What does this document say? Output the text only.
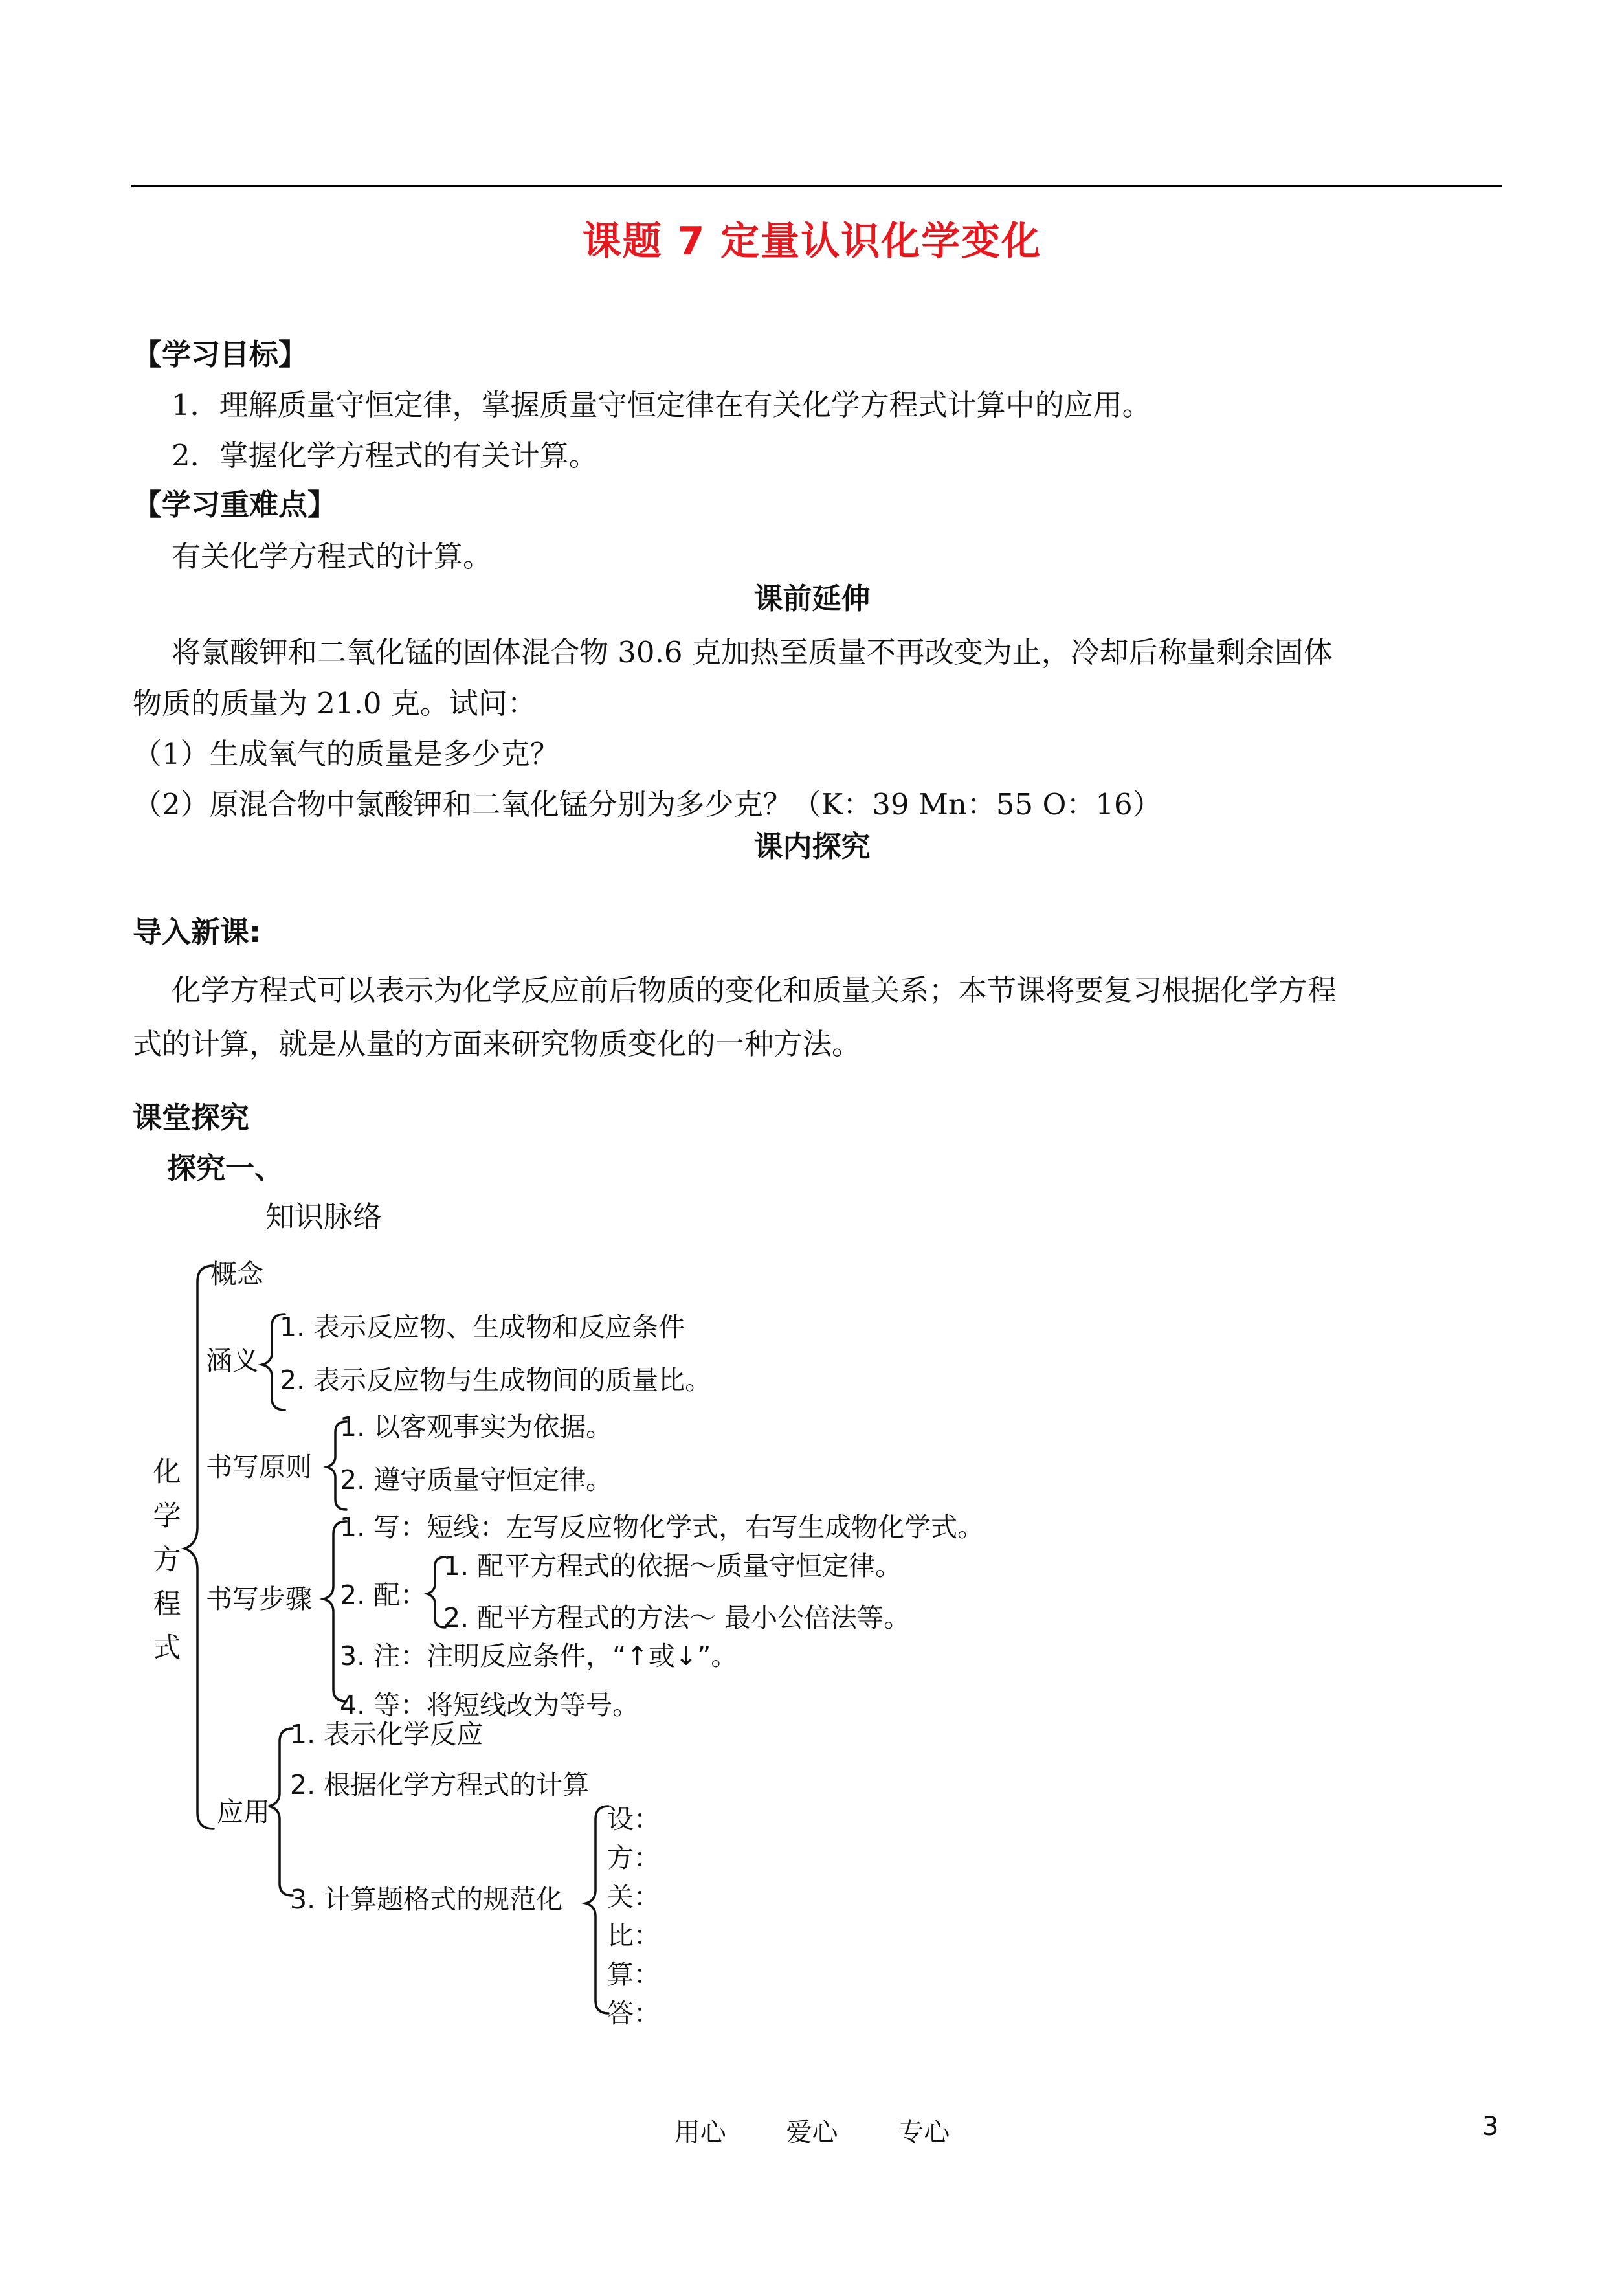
课题 7 定量认识化学变化
【学习目标】
1．理解质量守恒定律，掌握质量守恒定律在有关化学方程式计算中的应用。
2．掌握化学方程式的有关计算。
【学习重难点】
有关化学方程式的计算。
课前延伸
将氯酸钾和二氧化锰的固体混合物 30.6 克加热至质量不再改变为止，冷却后称量剩余固体
物质的质量为 21.0 克。试问：
（1）生成氧气的质量是多少克？
（2）原混合物中氯酸钾和二氧化锰分别为多少克？（K：39 Mn：55 O：16）
课内探究
导入新课:
化学方程式可以表示为化学反应前后物质的变化和质量关系；本节课将要复习根据化学方程
式的计算，就是从量的方面来研究物质变化的一种方法。
课堂探究
探究一、
知识脉络
化学方程式
概念
涵义
1. 表示反应物、生成物和反应条件
2. 表示反应物与生成物间的质量比。
书写原则
1. 以客观事实为依据。
2. 遵守质量守恒定律。
书写步骤
1. 写：短线：左写反应物化学式，右写生成物化学式。
2. 配：
1. 配平方程式的依据～质量守恒定律。
2. 配平方程式的方法～ 最小公倍法等。
3. 注：注明反应条件，“↑或↓”。
4. 等：将短线改为等号。
应用
1. 表示化学反应
2. 根据化学方程式的计算
3. 计算题格式的规范化
设：
方：
关：
比：
算：
答：
用心 爱心 专心	3
